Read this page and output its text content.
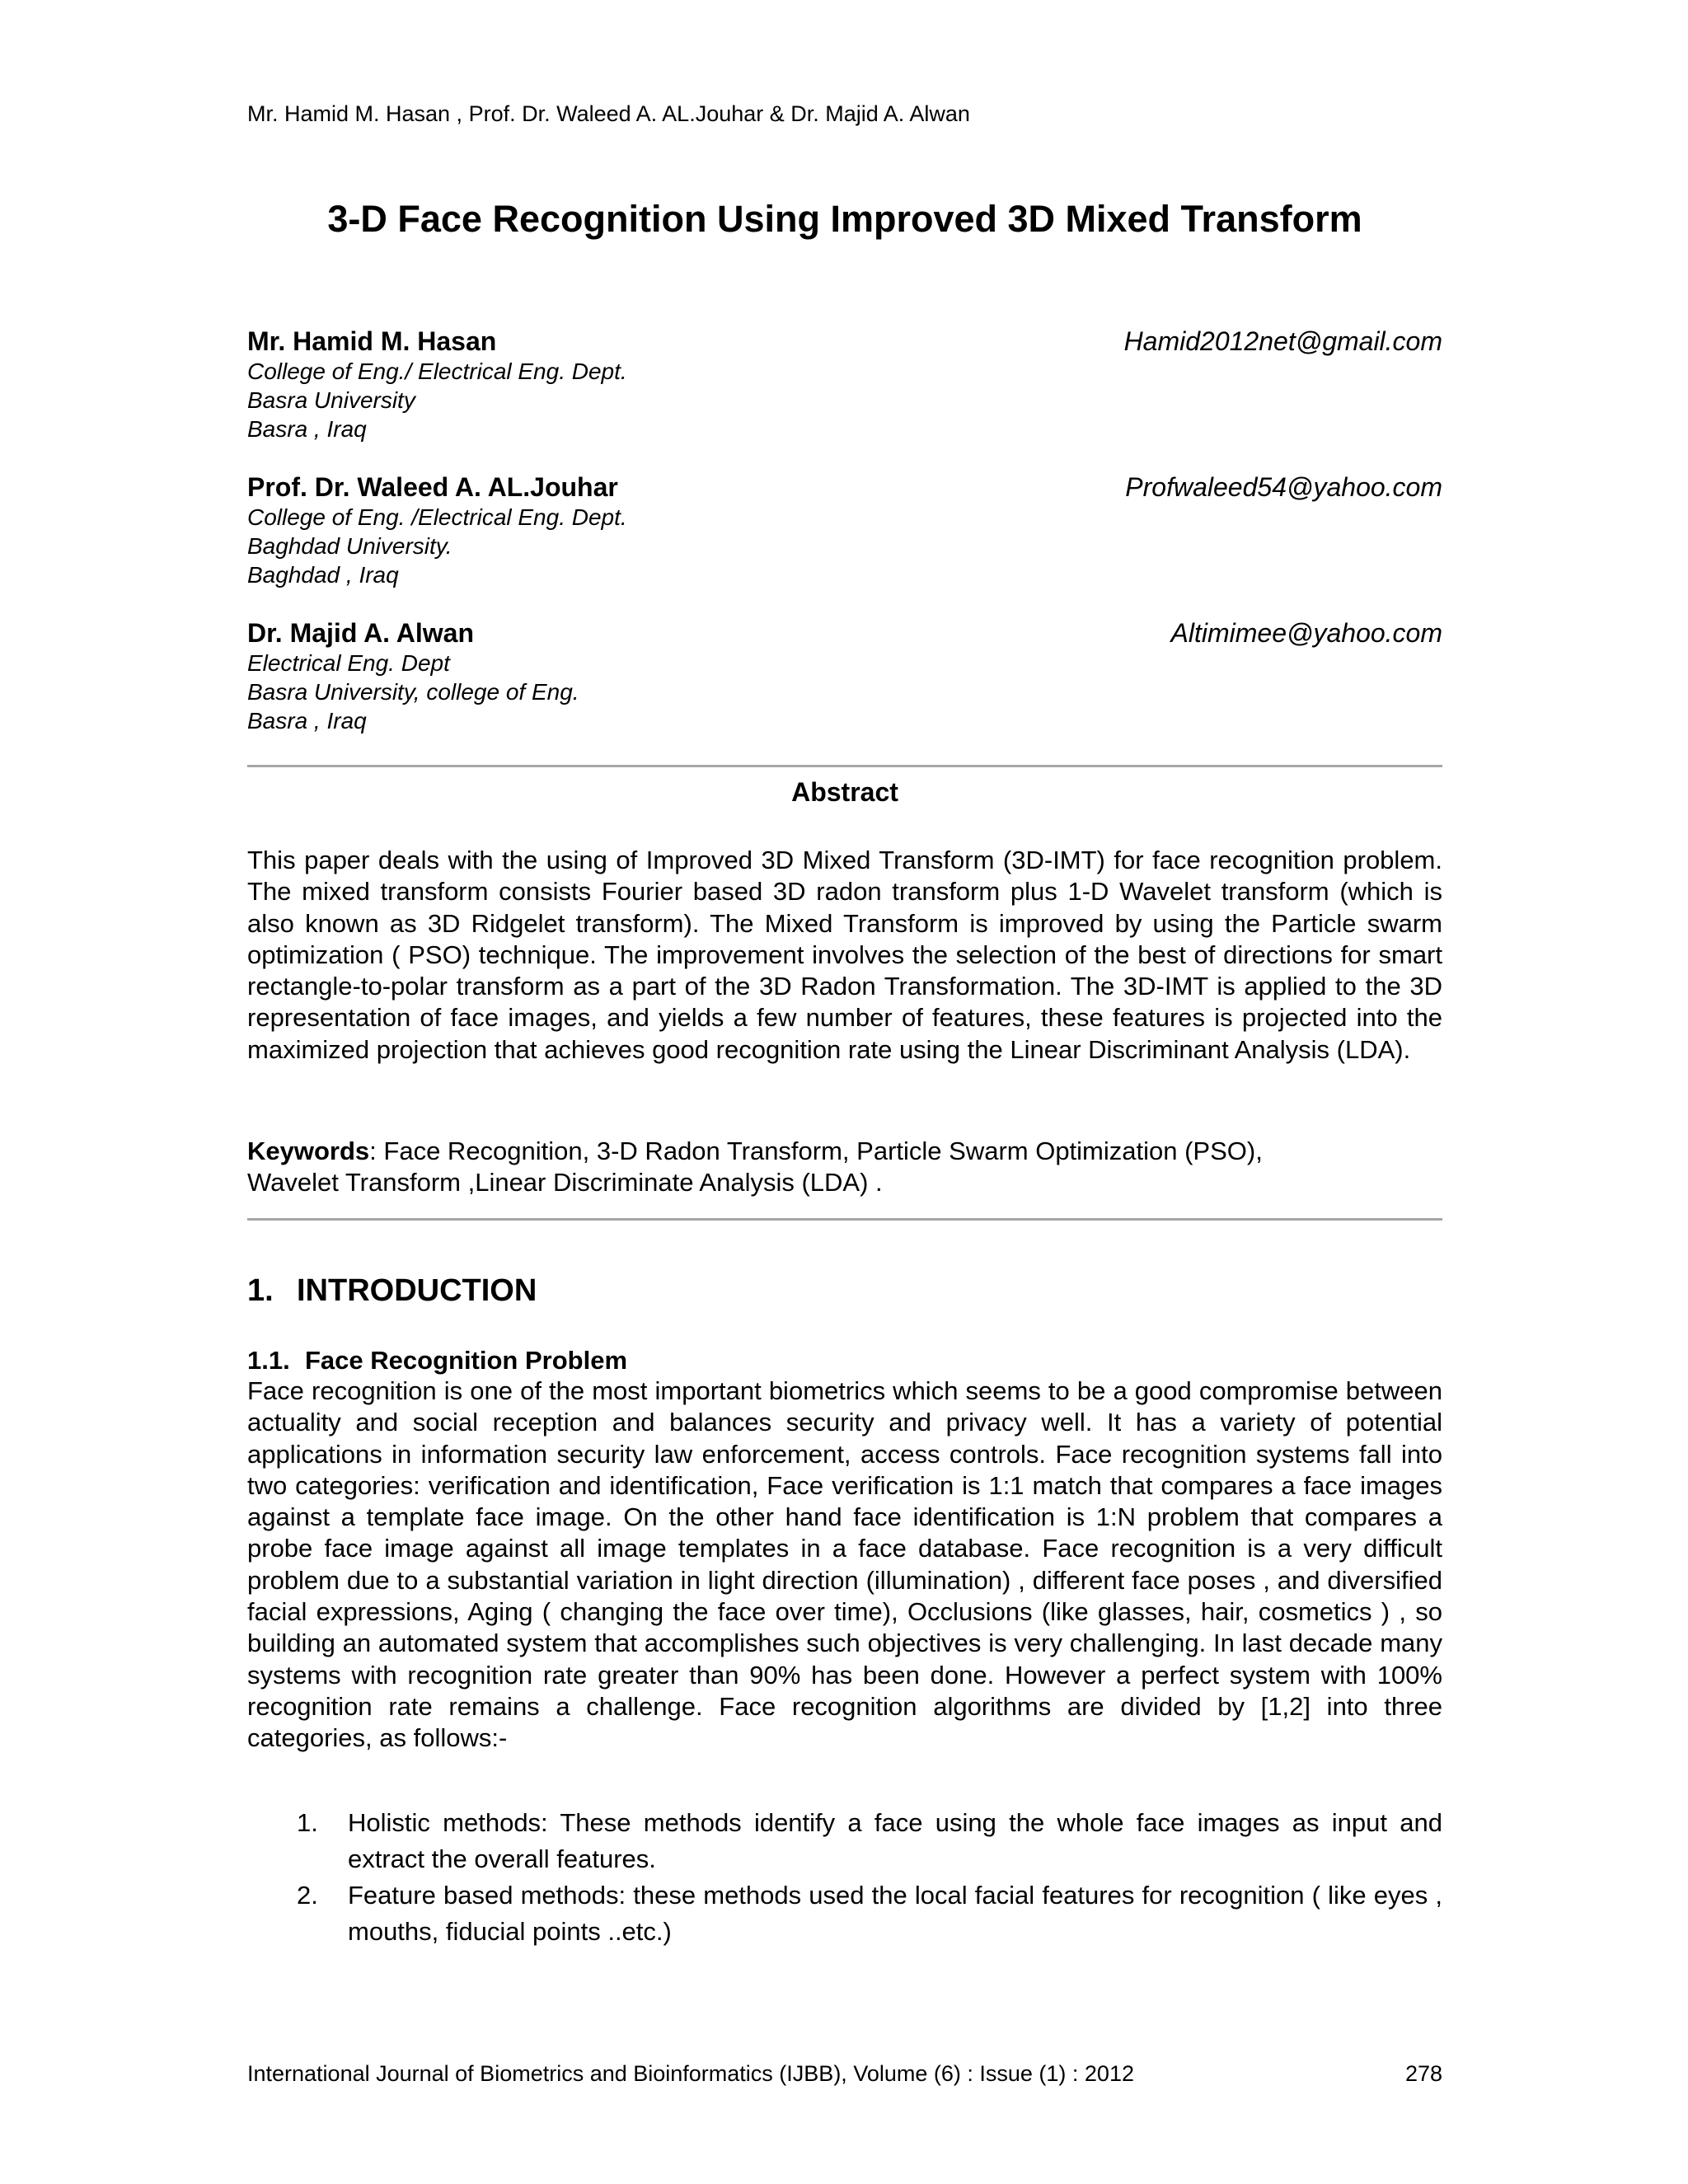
Mr. Hamid M. Hasan , Prof. Dr. Waleed A. AL.Jouhar & Dr. Majid A. Alwan
3-D Face Recognition Using Improved 3D Mixed Transform
Mr. Hamid M. Hasan	Hamid2012net@gmail.com
College of Eng./ Electrical Eng. Dept.
Basra University
Basra , Iraq
Prof. Dr. Waleed A. AL.Jouhar	Profwaleed54@yahoo.com
College of Eng. /Electrical Eng. Dept.
Baghdad University.
Baghdad , Iraq
Dr. Majid A. Alwan	Altimimee@yahoo.com
Electrical Eng. Dept
Basra University, college of Eng.
Basra , Iraq
Abstract

This paper deals with the using of Improved 3D Mixed Transform (3D-IMT) for face recognition problem. The mixed transform consists Fourier based 3D radon transform plus 1-D Wavelet transform (which is also known as 3D Ridgelet transform). The Mixed Transform is improved by using the Particle swarm optimization ( PSO) technique. The improvement involves the selection of the best of directions for smart rectangle-to-polar transform as a part of the 3D Radon Transformation. The 3D-IMT is applied to the 3D representation of face images, and yields a few number of features, these features is projected into the maximized projection that achieves good recognition rate using the Linear Discriminant Analysis (LDA).

Keywords: Face Recognition, 3-D Radon Transform, Particle Swarm Optimization (PSO),
Wavelet Transform ,Linear Discriminate Analysis (LDA) .
1. INTRODUCTION
1.1. Face Recognition Problem

Face recognition is one of the most important biometrics which seems to be a good compromise between actuality and social reception and balances security and privacy well. It has a variety of potential applications in information security law enforcement, access controls. Face recognition systems fall into two categories: verification and identification, Face verification is 1:1 match that compares a face images against a template face image. On the other hand face identification is 1:N problem that compares a probe face image against all image templates in a face database. Face recognition is a very difficult problem due to a substantial variation in light direction (illumination) , different face poses , and diversified facial expressions, Aging ( changing the face over time), Occlusions (like glasses, hair, cosmetics ) , so building an automated system that accomplishes such objectives is very challenging. In last decade many systems with recognition rate greater than 90% has been done. However a perfect system with 100% recognition rate remains a challenge. Face recognition algorithms are divided by [1,2] into three categories, as follows:-

1. Holistic methods: These methods identify a face using the whole face images as input and extract the overall features.
2. Feature based methods: these methods used the local facial features for recognition ( like eyes , mouths, fiducial points ..etc.)
International Journal of Biometrics and Bioinformatics (IJBB), Volume (6) : Issue (1) : 2012	278
